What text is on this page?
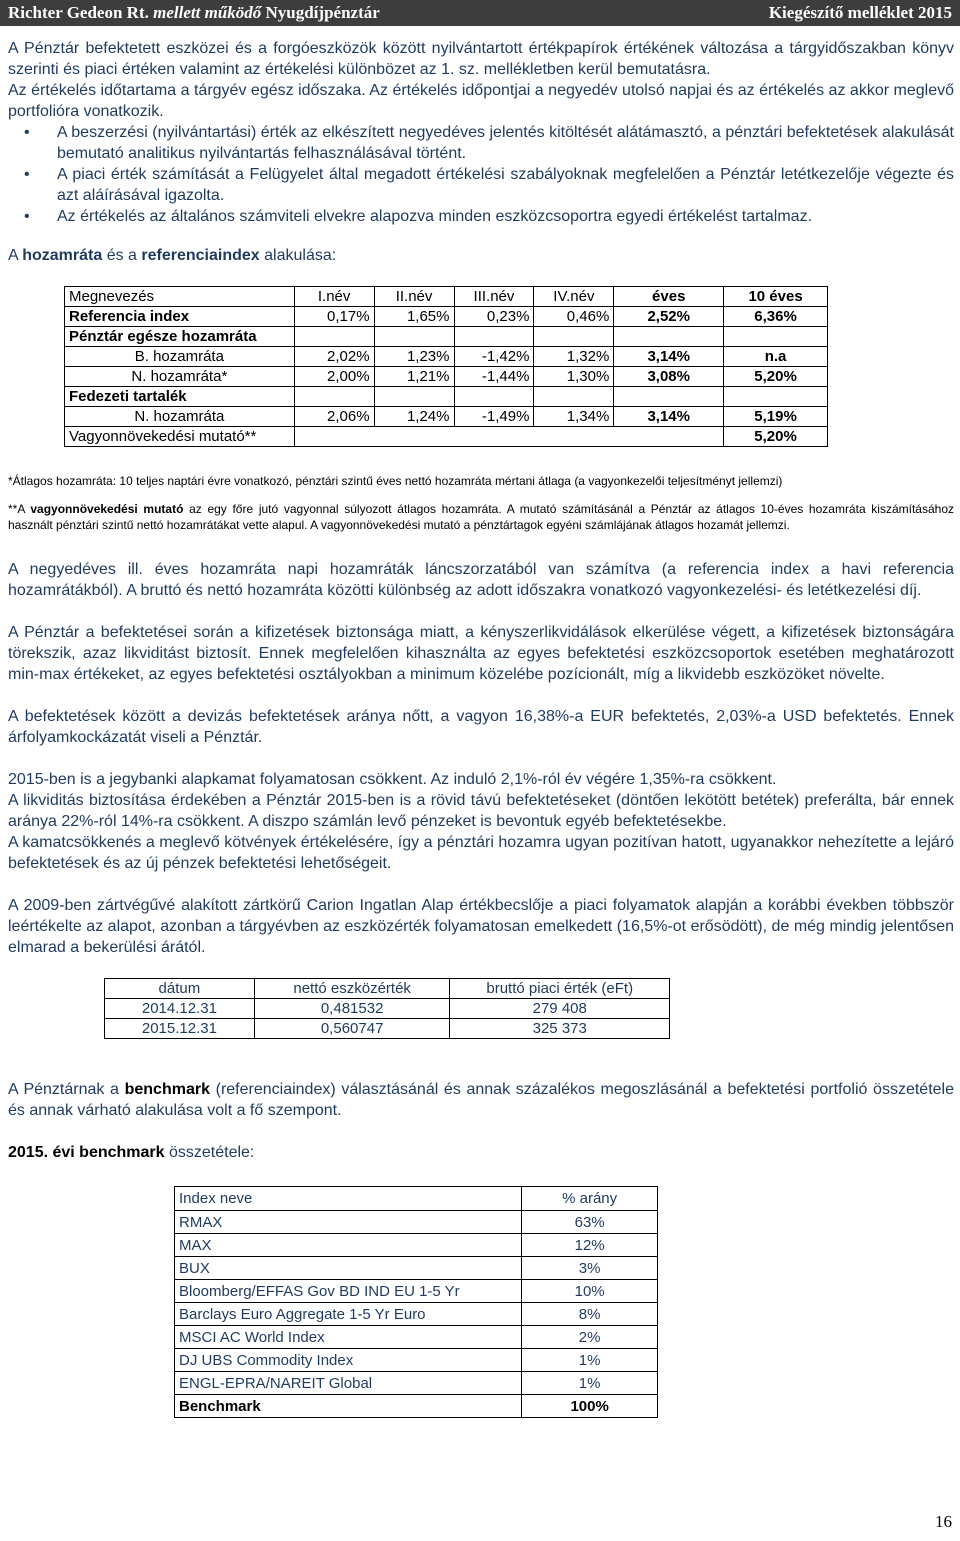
Richter Gedeon Rt. mellett működő Nyugdíjpénztár	Kiegészítő melléklet 2015

A Pénztár befektetett eszközei és a forgóeszközök között nyilvántartott értékpapírok értékének változása a tárgyidőszakban könyv szerinti és piaci értéken valamint az értékelési különbözet az 1. sz. mellékletben kerül bemutatásra.

Az értékelés időtartama a tárgyév egész időszaka. Az értékelés időpontjai a negyedév utolsó napjai és az értékelés az akkor meglevő portfolióra vonatkozik.

• A beszerzési (nyilvántartási) érték az elkészített negyedéves jelentés kitöltését alátámasztó, a pénztári befektetések alakulását bemutató analitikus nyilvántartás felhasználásával történt.
• A piaci érték számítását a Felügyelet által megadott értékelési szabályoknak megfelelően a Pénztár letétkezelője végezte és azt aláírásával igazolta.
• Az értékelés az általános számviteli elvekre alapozva minden eszközcsoportra egyedi értékelést tartalmaz.

A hozamráta és a referenciaindex alakulása:

Megnevezés	I.név	II.név	III.név	IV.név	éves	10 éves
Referencia index	0,17%	1,65%	0,23%	0,46%	2,52%	6,36%
Pénztár egésze hozamráta						
B. hozamráta	2,02%	1,23%	-1,42%	1,32%	3,14%	n.a
N. hozamráta*	2,00%	1,21%	-1,44%	1,30%	3,08%	5,20%
Fedezeti tartalék						
N. hozamráta	2,06%	1,24%	-1,49%	1,34%	3,14%	5,19%
Vagyonnövekedési mutató**						5,20%

*Átlagos hozamráta: 10 teljes naptári évre vonatkozó, pénztári szintű éves nettó hozamráta mértani átlaga (a vagyonkezelői teljesítményt jellemzi)

**A vagyonnövekedési mutató az egy főre jutó vagyonnal súlyozott átlagos hozamráta. A mutató számításánál a Pénztár az átlagos 10-éves hozamráta kiszámításához használt pénztári szintű nettó hozamrátákat vette alapul. A vagyonnövekedési mutató a pénztártagok egyéni számlájának átlagos hozamát jellemzi.

A negyedéves ill. éves hozamráta napi hozamráták láncszorzatából van számítva (a referencia index a havi referencia hozamrátákból). A bruttó és nettó hozamráta közötti különbség az adott időszakra vonatkozó vagyonkezelési- és letétkezelési díj.

A Pénztár a befektetései során a kifizetések biztonsága miatt, a kényszerlikvidálások elkerülése végett, a kifizetések biztonságára törekszik, azaz likviditást biztosít. Ennek megfelelően kihasználta az egyes befektetési eszközcsoportok esetében meghatározott min-max értékeket, az egyes befektetési osztályokban a minimum közelébe pozícionált, míg a likvidebb eszközöket növelte.

A befektetések között a devizás befektetések aránya nőtt, a vagyon 16,38%-a EUR befektetés, 2,03%-a USD befektetés. Ennek árfolyamkockázatát viseli a Pénztár.

2015-ben is a jegybanki alapkamat folyamatosan csökkent. Az induló 2,1%-ról év végére 1,35%-ra csökkent.

A likviditás biztosítása érdekében a Pénztár 2015-ben is a rövid távú befektetéseket (döntően lekötött betétek) preferálta, bár ennek aránya 22%-ról 14%-ra csökkent. A diszpo számlán levő pénzeket is bevontuk egyéb befektetésekbe.

A kamatcsökkenés a meglevő kötvények értékelésére, így a pénztári hozamra ugyan pozitívan hatott, ugyanakkor nehezítette a lejáró befektetések és az új pénzek befektetési lehetőségeit.

A 2009-ben zártvégűvé alakított zártkörű Carion Ingatlan Alap értékbecslője a piaci folyamatok alapján a korábbi években többször leértékelte az alapot, azonban a tárgyévben az eszközérték folyamatosan emelkedett (16,5%-ot erősödött), de még mindig jelentősen elmarad a bekerülési árától.

dátum	nettó eszközérték	bruttó piaci érték (eFt)
2014.12.31	0,481532	279 408
2015.12.31	0,560747	325 373

A Pénztárnak a benchmark (referenciaindex) választásánál és annak százalékos megoszlásánál a befektetési portfolió összetétele és annak várható alakulása volt a fő szempont.

2015. évi benchmark összetétele:

Index neve	% arány
RMAX	63%
MAX	12%
BUX	3%
Bloomberg/EFFAS Gov BD IND EU 1-5 Yr	10%
Barclays Euro Aggregate 1-5 Yr Euro	8%
MSCI AC World Index	2%
DJ UBS Commodity Index	1%
ENGL-EPRA/NAREIT Global	1%
Benchmark	100%
16
